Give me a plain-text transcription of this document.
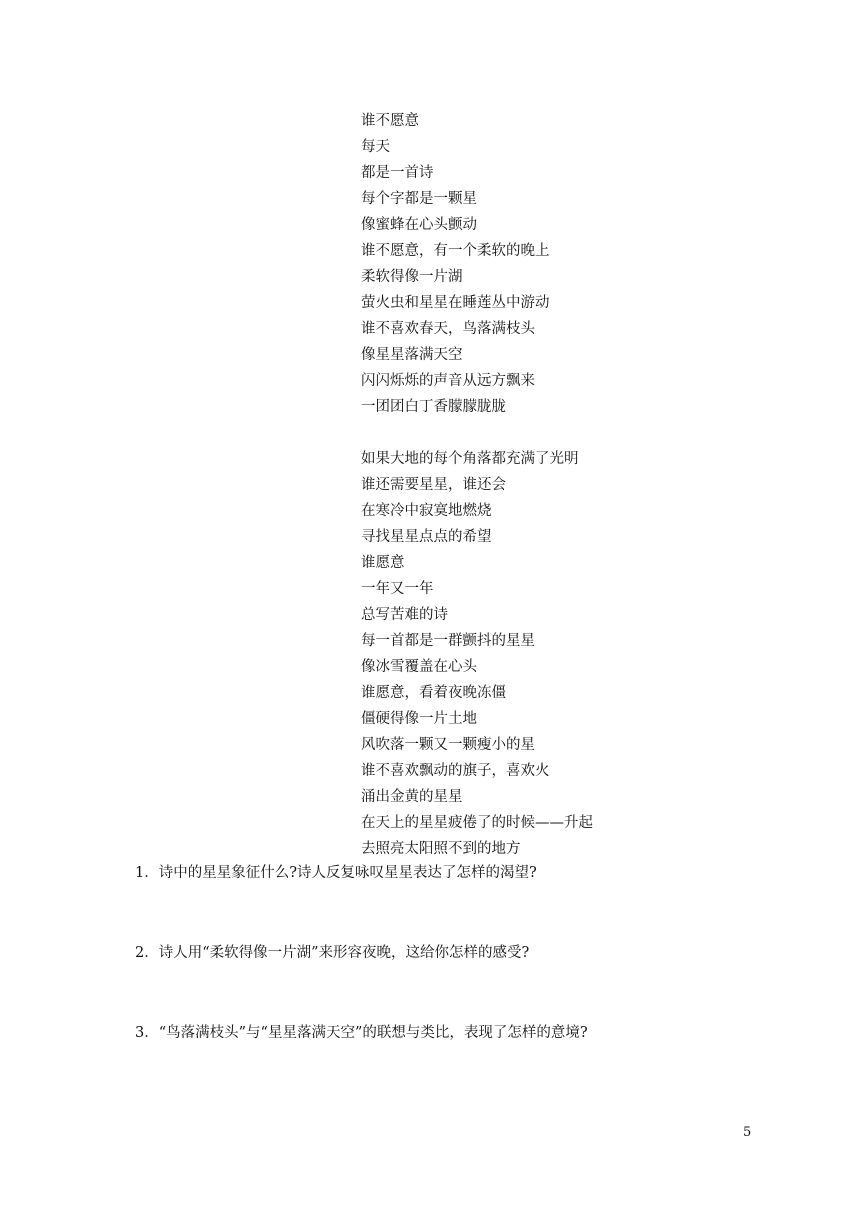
谁不愿意
每天
都是一首诗
每个字都是一颗星
像蜜蜂在心头颤动
谁不愿意，有一个柔软的晚上
柔软得像一片湖
萤火虫和星星在睡莲丛中游动
谁不喜欢春天，鸟落满枝头
像星星落满天空
闪闪烁烁的声音从远方飘来
一团团白丁香朦朦胧胧
如果大地的每个角落都充满了光明
谁还需要星星，谁还会
在寒冷中寂寞地燃烧
寻找星星点点的希望
谁愿意
一年又一年
总写苦难的诗
每一首都是一群颤抖的星星
像冰雪覆盖在心头
谁愿意，看着夜晚冻僵
僵硬得像一片土地
风吹落一颗又一颗瘦小的星
谁不喜欢飘动的旗子，喜欢火
涌出金黄的星星
在天上的星星疲倦了的时候——升起
去照亮太阳照不到的地方
1．诗中的星星象征什么?诗人反复咏叹星星表达了怎样的渴望?
2．诗人用“柔软得像一片湖”来形容夜晚，这给你怎样的感受?
3．“鸟落满枝头”与“星星落满天空”的联想与类比，表现了怎样的意境?
5
